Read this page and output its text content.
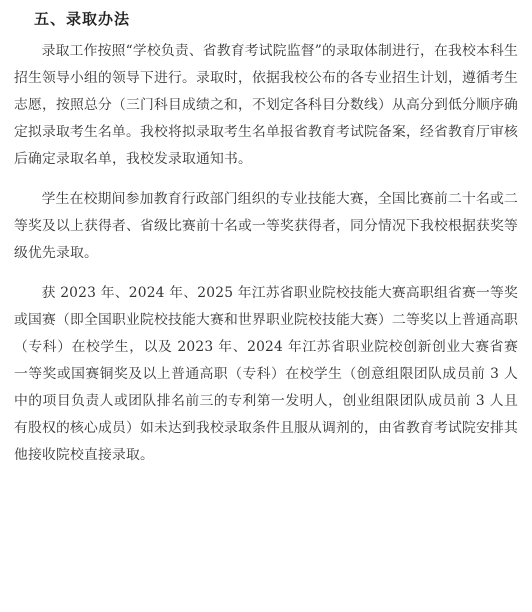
五、录取办法

录取工作按照“学校负责、省教育考试院监督”的录取体制进行，在我校本科生招生领导小组的领导下进行。录取时，依据我校公布的各专业招生计划，遵循考生志愿，按照总分（三门科目成绩之和，不划定各科目分数线）从高分到低分顺序确定拟录取考生名单。我校将拟录取考生名单报省教育考试院备案，经省教育厅审核后确定录取名单，我校发录取通知书。

学生在校期间参加教育行政部门组织的专业技能大赛，全国比赛前二十名或二等奖及以上获得者、省级比赛前十名或一等奖获得者，同分情况下我校根据获奖等级优先录取。

获 2023 年、2024 年、2025 年江苏省职业院校技能大赛高职组省赛一等奖或国赛（即全国职业院校技能大赛和世界职业院校技能大赛）二等奖以上普通高职（专科）在校学生，以及 2023 年、2024 年江苏省职业院校创新创业大赛省赛一等奖或国赛铜奖及以上普通高职（专科）在校学生（创意组限团队成员前 3 人中的项目负责人或团队排名前三的专利第一发明人，创业组限团队成员前 3 人且有股权的核心成员）如未达到我校录取条件且服从调剂的，由省教育考试院安排其他接收院校直接录取。
